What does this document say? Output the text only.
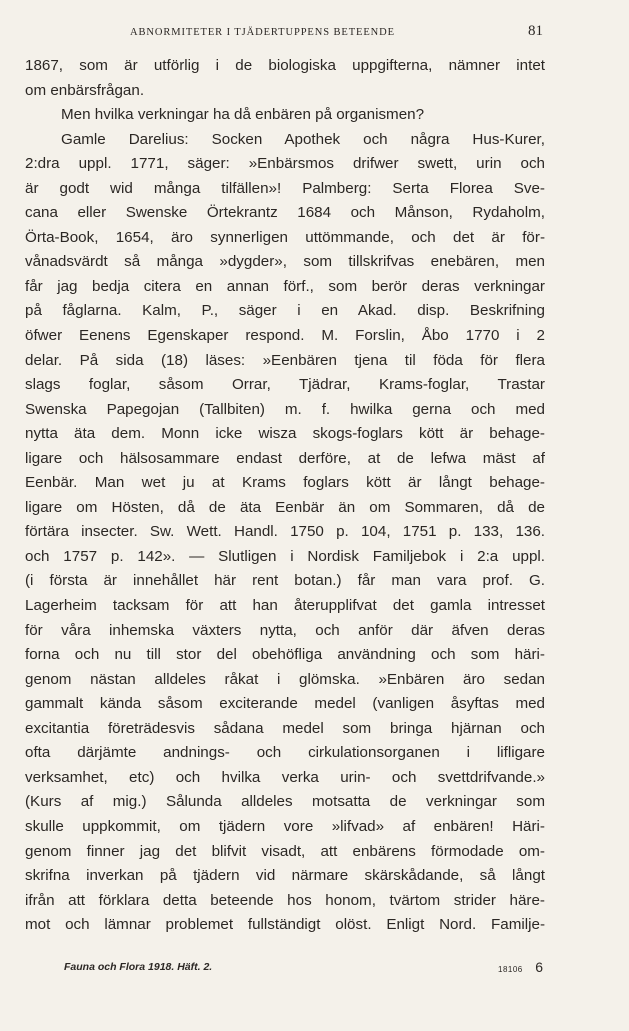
ABNORMITETER I TJÄDERTUPPENS BETEENDE	81
1867, som är utförlig i de biologiska uppgifterna, nämner intet
om enbärsfrågan.
Men hvilka verkningar ha då enbären på organismen?
Gamle Darelius: Socken Apothek och några Hus-Kurer,
2:dra uppl. 1771, säger: »Enbärsmos drifwer swett, urin och
är godt wid många tilfällen»! Palmberg: Serta Florea Sve-
cana eller Swenske Örtekrantz 1684 och Månson, Rydaholm,
Örta-Book, 1654, äro synnerligen uttömmande, och det är för-
vånadsvärdt så många »dygder», som tillskrifvas enebären, men
får jag bedja citera en annan förf., som berör deras verkningar
på fåglarna. Kalm, P., säger i en Akad. disp. Beskrifning
öfwer Eenens Egenskaper respond. M. Forslin, Åbo 1770 i 2
delar. På sida (18) läses: »Eenbären tjena til föda för flera
slags foglar, såsom Orrar, Tjädrar, Krams-foglar, Trastar
Swenska Papegojan (Tallbiten) m. f. hwilka gerna och med
nytta äta dem. Monn icke wisza skogs-foglars kött är behage-
ligare och hälsosammare endast derföre, at de lefwa mäst af
Eenbär. Man wet ju at Krams foglars kött är långt behage-
ligare om Hösten, då de äta Eenbär än om Sommaren, då de
förtära insecter. Sw. Wett. Handl. 1750 p. 104, 1751 p. 133, 136.
och 1757 p. 142». — Slutligen i Nordisk Familjebok i 2:a uppl.
(i första är innehållet här rent botan.) får man vara prof. G.
Lagerheim tacksam för att han återupplifvat det gamla intresset
för våra inhemska växters nytta, och anför där äfven deras
forna och nu till stor del obehöfliga användning och som häri-
genom nästan alldeles råkat i glömska. »Enbären äro sedan
gammalt kända såsom exciterande medel (vanligen åsyftas med
excitantia företrädesvis sådana medel som bringa hjärnan och
ofta därjämte andnings- och cirkulationsorganen i lifligare
verksamhet, etc) och hvilka verka urin- och svettdrifvande.»
(Kurs af mig.) Sålunda alldeles motsatta de verkningar som
skulle uppkommit, om tjädern vore »lifvad» af enbären! Häri-
genom finner jag det blifvit visadt, att enbärens förmodade om-
skrifna inverkan på tjädern vid närmare skärskådande, så långt
ifrån att förklara detta beteende hos honom, tvärtom strider häre-
mot och lämnar problemet fullständigt olöst. Enligt Nord. Familje-
Fauna och Flora 1918. Häft. 2.	18106 6
